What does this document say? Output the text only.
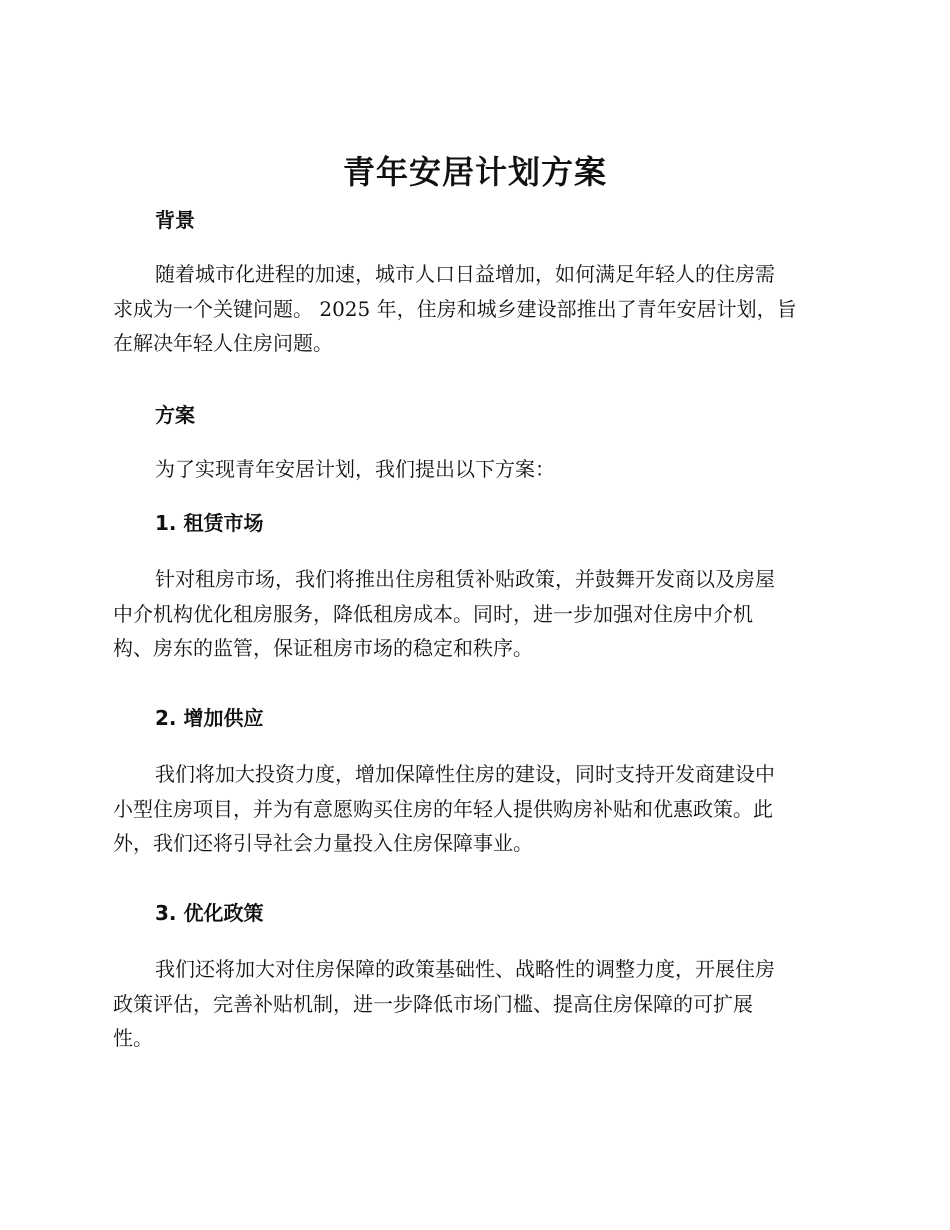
青年安居计划方案
背景
随着城市化进程的加速，城市人口日益增加，如何满足年轻人的住房需
求成为一个关键问题。 2025 年，住房和城乡建设部推出了青年安居计划，旨
在解决年轻人住房问题。
方案
为了实现青年安居计划，我们提出以下方案：
1. 租赁市场
针对租房市场，我们将推出住房租赁补贴政策，并鼓舞开发商以及房屋
中介机构优化租房服务，降低租房成本。同时，进一步加强对住房中介机
构、房东的监管，保证租房市场的稳定和秩序。
2. 增加供应
我们将加大投资力度，增加保障性住房的建设，同时支持开发商建设中
小型住房项目，并为有意愿购买住房的年轻人提供购房补贴和优惠政策。此
外，我们还将引导社会力量投入住房保障事业。
3. 优化政策
我们还将加大对住房保障的政策基础性、战略性的调整力度，开展住房
政策评估，完善补贴机制，进一步降低市场门槛、提高住房保障的可扩展
性。
